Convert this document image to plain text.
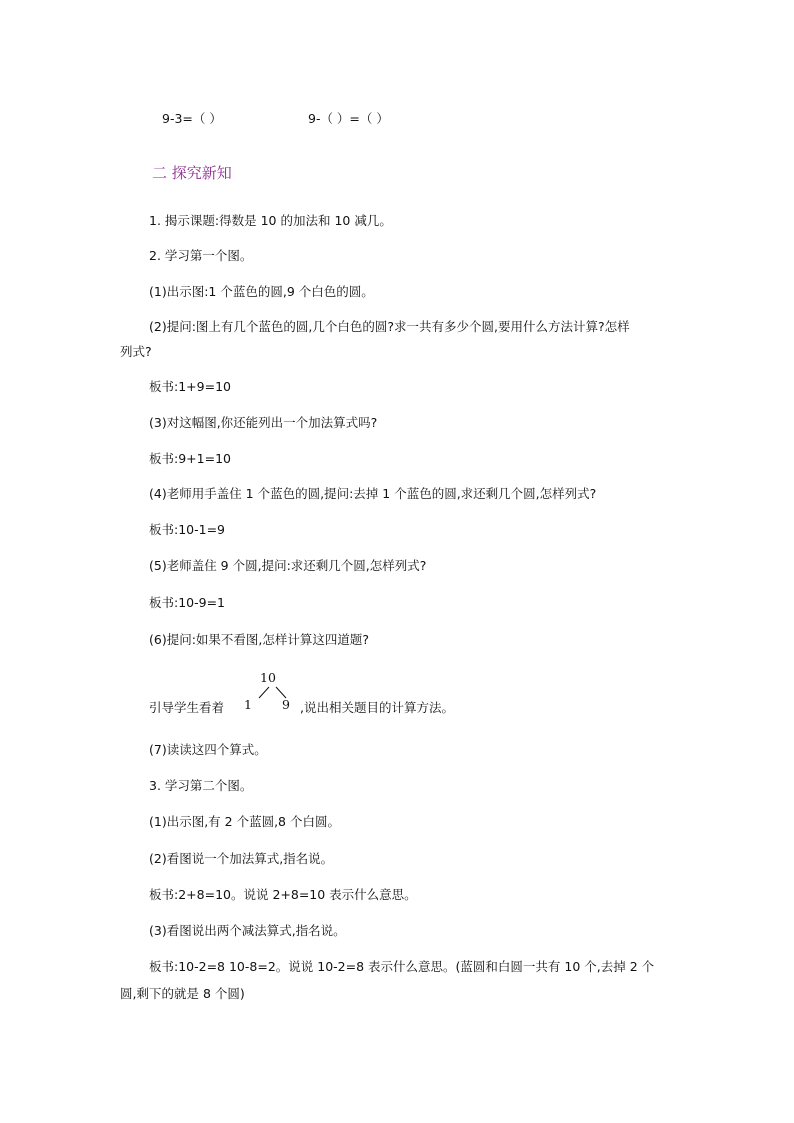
9-3=（ ）	9-（ ）=（ ）
二 探究新知
1. 揭示课题:得数是 10 的加法和 10 减几。
2. 学习第一个图。
(1)出示图:1 个蓝色的圆,9 个白色的圆。
(2)提问:图上有几个蓝色的圆,几个白色的圆?求一共有多少个圆,要用什么方法计算?怎样
列式?
板书:1+9=10
(3)对这幅图,你还能列出一个加法算式吗?
板书:9+1=10
(4)老师用手盖住 1 个蓝色的圆,提问:去掉 1 个蓝色的圆,求还剩几个圆,怎样列式?
板书:10-1=9
(5)老师盖住 9 个圆,提问:求还剩几个圆,怎样列式?
板书:10-9=1
(6)提问:如果不看图,怎样计算这四道题?
引导学生看着
10
1 9 ,说出相关题目的计算方法。
(7)读读这四个算式。
3. 学习第二个图。
(1)出示图,有 2 个蓝圆,8 个白圆。
(2)看图说一个加法算式,指名说。
板书:2+8=10。说说 2+8=10 表示什么意思。
(3)看图说出两个减法算式,指名说。
板书:10-2=8 10-8=2。说说 10-2=8 表示什么意思。(蓝圆和白圆一共有 10 个,去掉 2 个
圆,剩下的就是 8 个圆)
